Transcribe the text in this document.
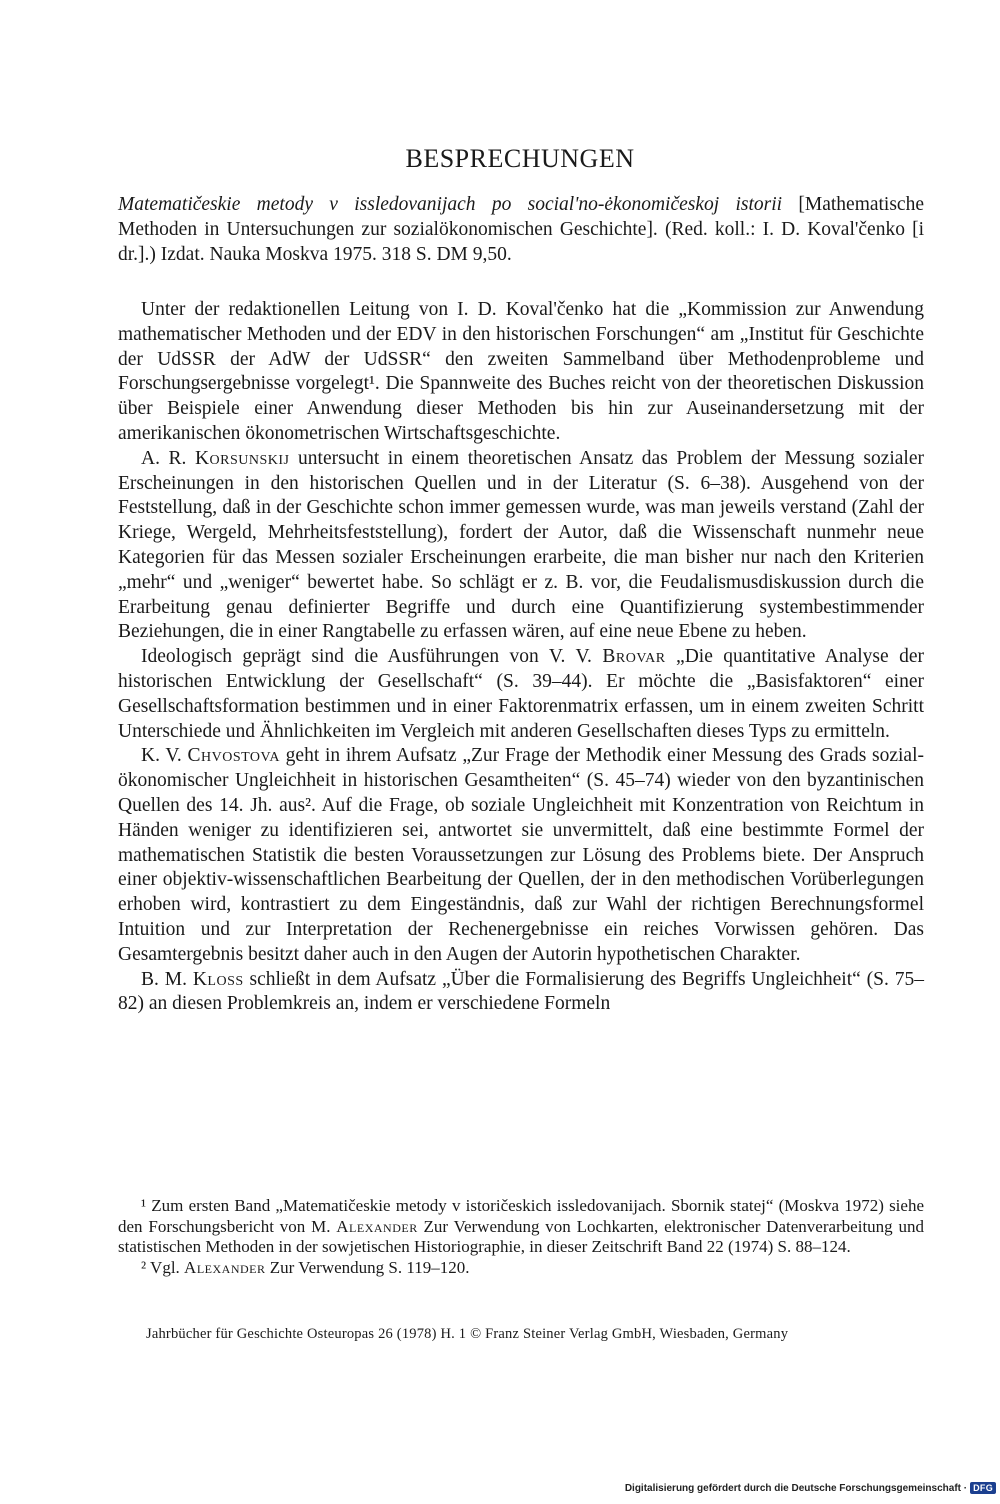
BESPRECHUNGEN
Matematičeskie metody v issledovanijach po social'no-ėkonomičeskoj istorii [Mathematische Methoden in Untersuchungen zur sozialökonomischen Geschichte]. (Red. koll.: I. D. Koval'čenko [i dr.].) Izdat. Nauka Moskva 1975. 318 S. DM 9,50.

Unter der redaktionellen Leitung von I. D. Koval'čenko hat die „Kommission zur Anwendung mathematischer Methoden und der EDV in den historischen Forschungen“ am „Institut für Geschichte der UdSSR der AdW der UdSSR“ den zweiten Sammelband über Methodenprobleme und Forschungsergebnisse vorgelegt¹. Die Spannweite des Buches reicht von der theoretischen Diskussion über Beispiele einer Anwendung dieser Methoden bis hin zur Auseinandersetzung mit der amerikanischen ökonometrischen Wirtschaftsgeschichte.

A. R. Korsunskij untersucht in einem theoretischen Ansatz das Problem der Messung sozialer Erscheinungen in den historischen Quellen und in der Literatur (S. 6–38). Ausgehend von der Feststellung, daß in der Geschichte schon immer gemessen wurde, was man jeweils verstand (Zahl der Kriege, Wergeld, Mehrheitsfeststellung), fordert der Autor, daß die Wissenschaft nunmehr neue Kategorien für das Messen sozialer Erscheinungen erarbeite, die man bisher nur nach den Kriterien „mehr“ und „weniger“ bewertet habe. So schlägt er z. B. vor, die Feudalismusdiskussion durch die Erarbeitung genau definierter Begriffe und durch eine Quantifizierung systembestimmender Beziehungen, die in einer Rangtabelle zu erfassen wären, auf eine neue Ebene zu heben.

Ideologisch geprägt sind die Ausführungen von V. V. Brovar „Die quantitative Analyse der historischen Entwicklung der Gesellschaft“ (S. 39–44). Er möchte die „Basisfaktoren“ einer Gesellschaftsformation bestimmen und in einer Faktorenmatrix erfassen, um in einem zweiten Schritt Unterschiede und Ähnlichkeiten im Vergleich mit anderen Gesellschaften dieses Typs zu ermitteln.

K. V. Chvostova geht in ihrem Aufsatz „Zur Frage der Methodik einer Messung des Grads sozial-ökonomischer Ungleichheit in historischen Gesamtheiten“ (S. 45–74) wieder von den byzantinischen Quellen des 14. Jh. aus². Auf die Frage, ob soziale Ungleichheit mit Konzentration von Reichtum in Händen weniger zu identifizieren sei, antwortet sie unvermittelt, daß eine bestimmte Formel der mathematischen Statistik die besten Voraussetzungen zur Lösung des Problems biete. Der Anspruch einer objektiv-wissenschaftlichen Bearbeitung der Quellen, der in den methodischen Vorüberlegungen erhoben wird, kontrastiert zu dem Eingeständnis, daß zur Wahl der richtigen Berechnungsformel Intuition und zur Interpretation der Rechenergebnisse ein reiches Vorwissen gehören. Das Gesamtergebnis besitzt daher auch in den Augen der Autorin hypothetischen Charakter.

B. M. Kloss schließt in dem Aufsatz „Über die Formalisierung des Begriffs Ungleichheit“ (S. 75–82) an diesen Problemkreis an, indem er verschiedene Formeln

¹ Zum ersten Band „Matematičeskie metody v istoričeskich issledovanijach. Sbornik statej“ (Moskva 1972) siehe den Forschungsbericht von M. Alexander Zur Verwendung von Lochkarten, elektronischer Datenverarbeitung und statistischen Methoden in der sowjetischen Historiographie, in dieser Zeitschrift Band 22 (1974) S. 88–124.

² Vgl. Alexander Zur Verwendung S. 119–120.

Jahrbücher für Geschichte Osteuropas 26 (1978) H. 1 © Franz Steiner Verlag GmbH, Wiesbaden, Germany
Digitalisierung gefördert durch die Deutsche Forschungsgemeinschaft · DFG
